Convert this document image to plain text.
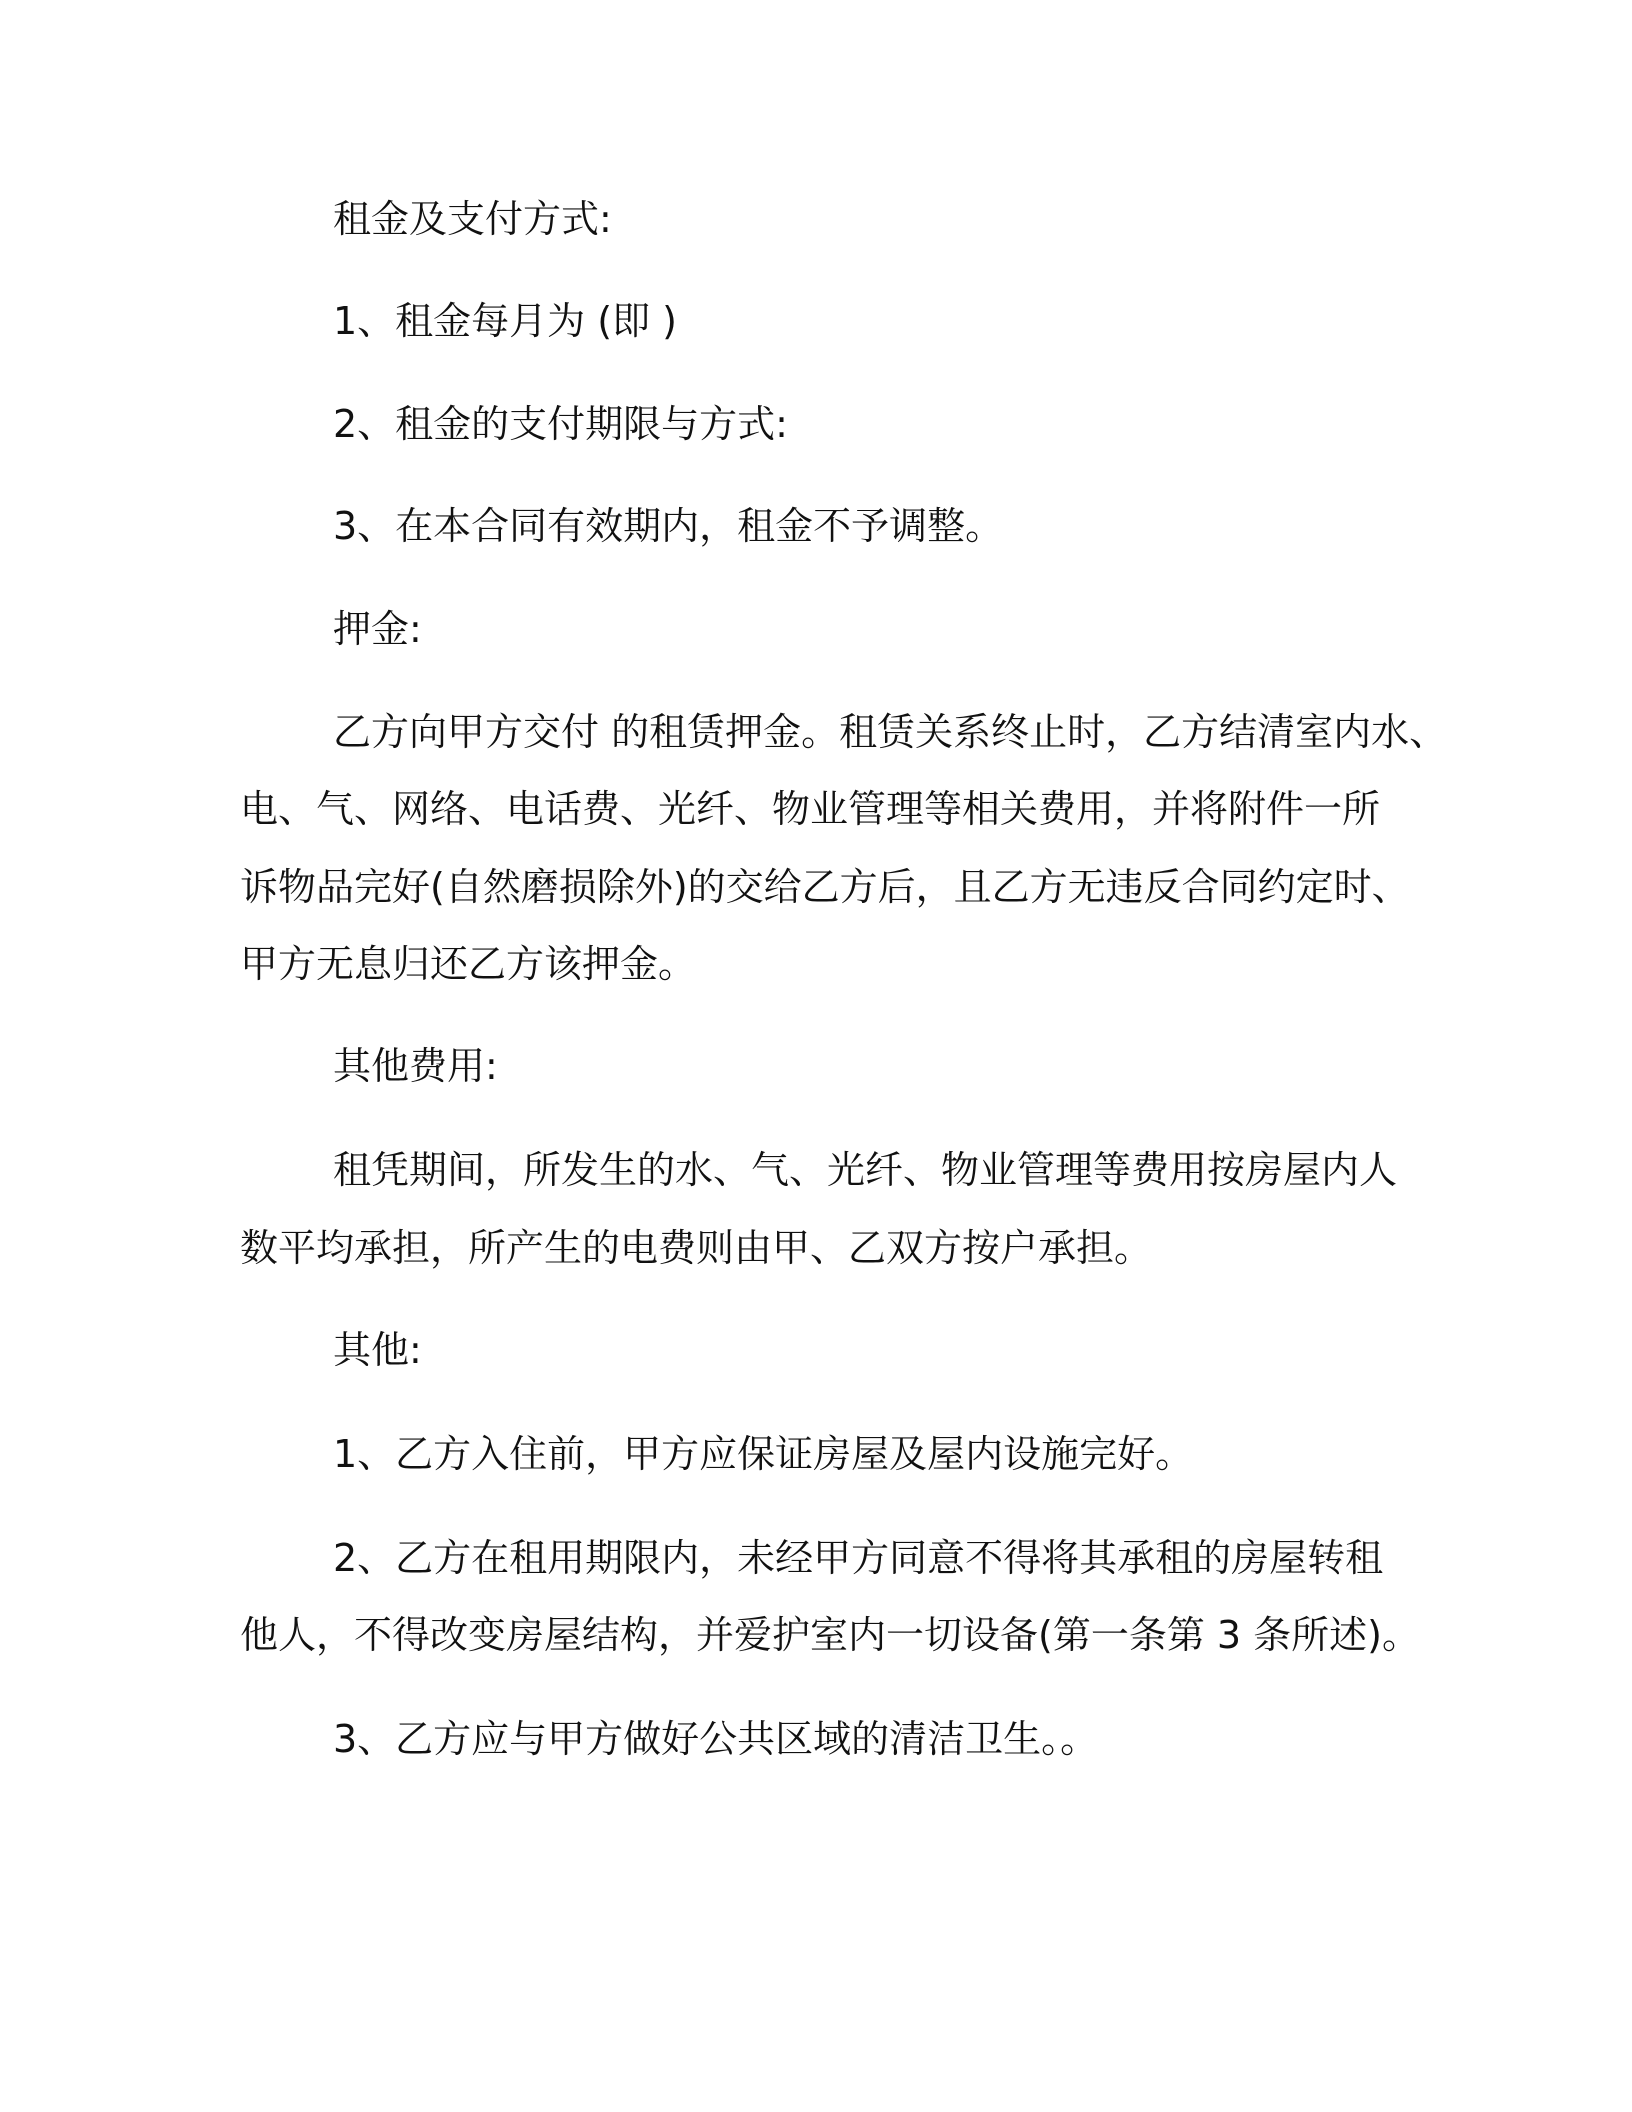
租金及支付方式:
1、租金每月为 (即 )
2、租金的支付期限与方式:
3、在本合同有效期内，租金不予调整。
押金:
乙方向甲方交付 的租赁押金。租赁关系终止时，乙方结清室内水、
电、气、网络、电话费、光纤、物业管理等相关费用，并将附件一所
诉物品完好(自然磨损除外)的交给乙方后，且乙方无违反合同约定时、
甲方无息归还乙方该押金。
其他费用:
租凭期间，所发生的水、气、光纤、物业管理等费用按房屋内人
数平均承担，所产生的电费则由甲、乙双方按户承担。
其他:
1、乙方入住前，甲方应保证房屋及屋内设施完好。
2、乙方在租用期限内，未经甲方同意不得将其承租的房屋转租
他人，不得改变房屋结构，并爱护室内一切设备(第一条第 3 条所述)。
3、乙方应与甲方做好公共区域的清洁卫生。。
